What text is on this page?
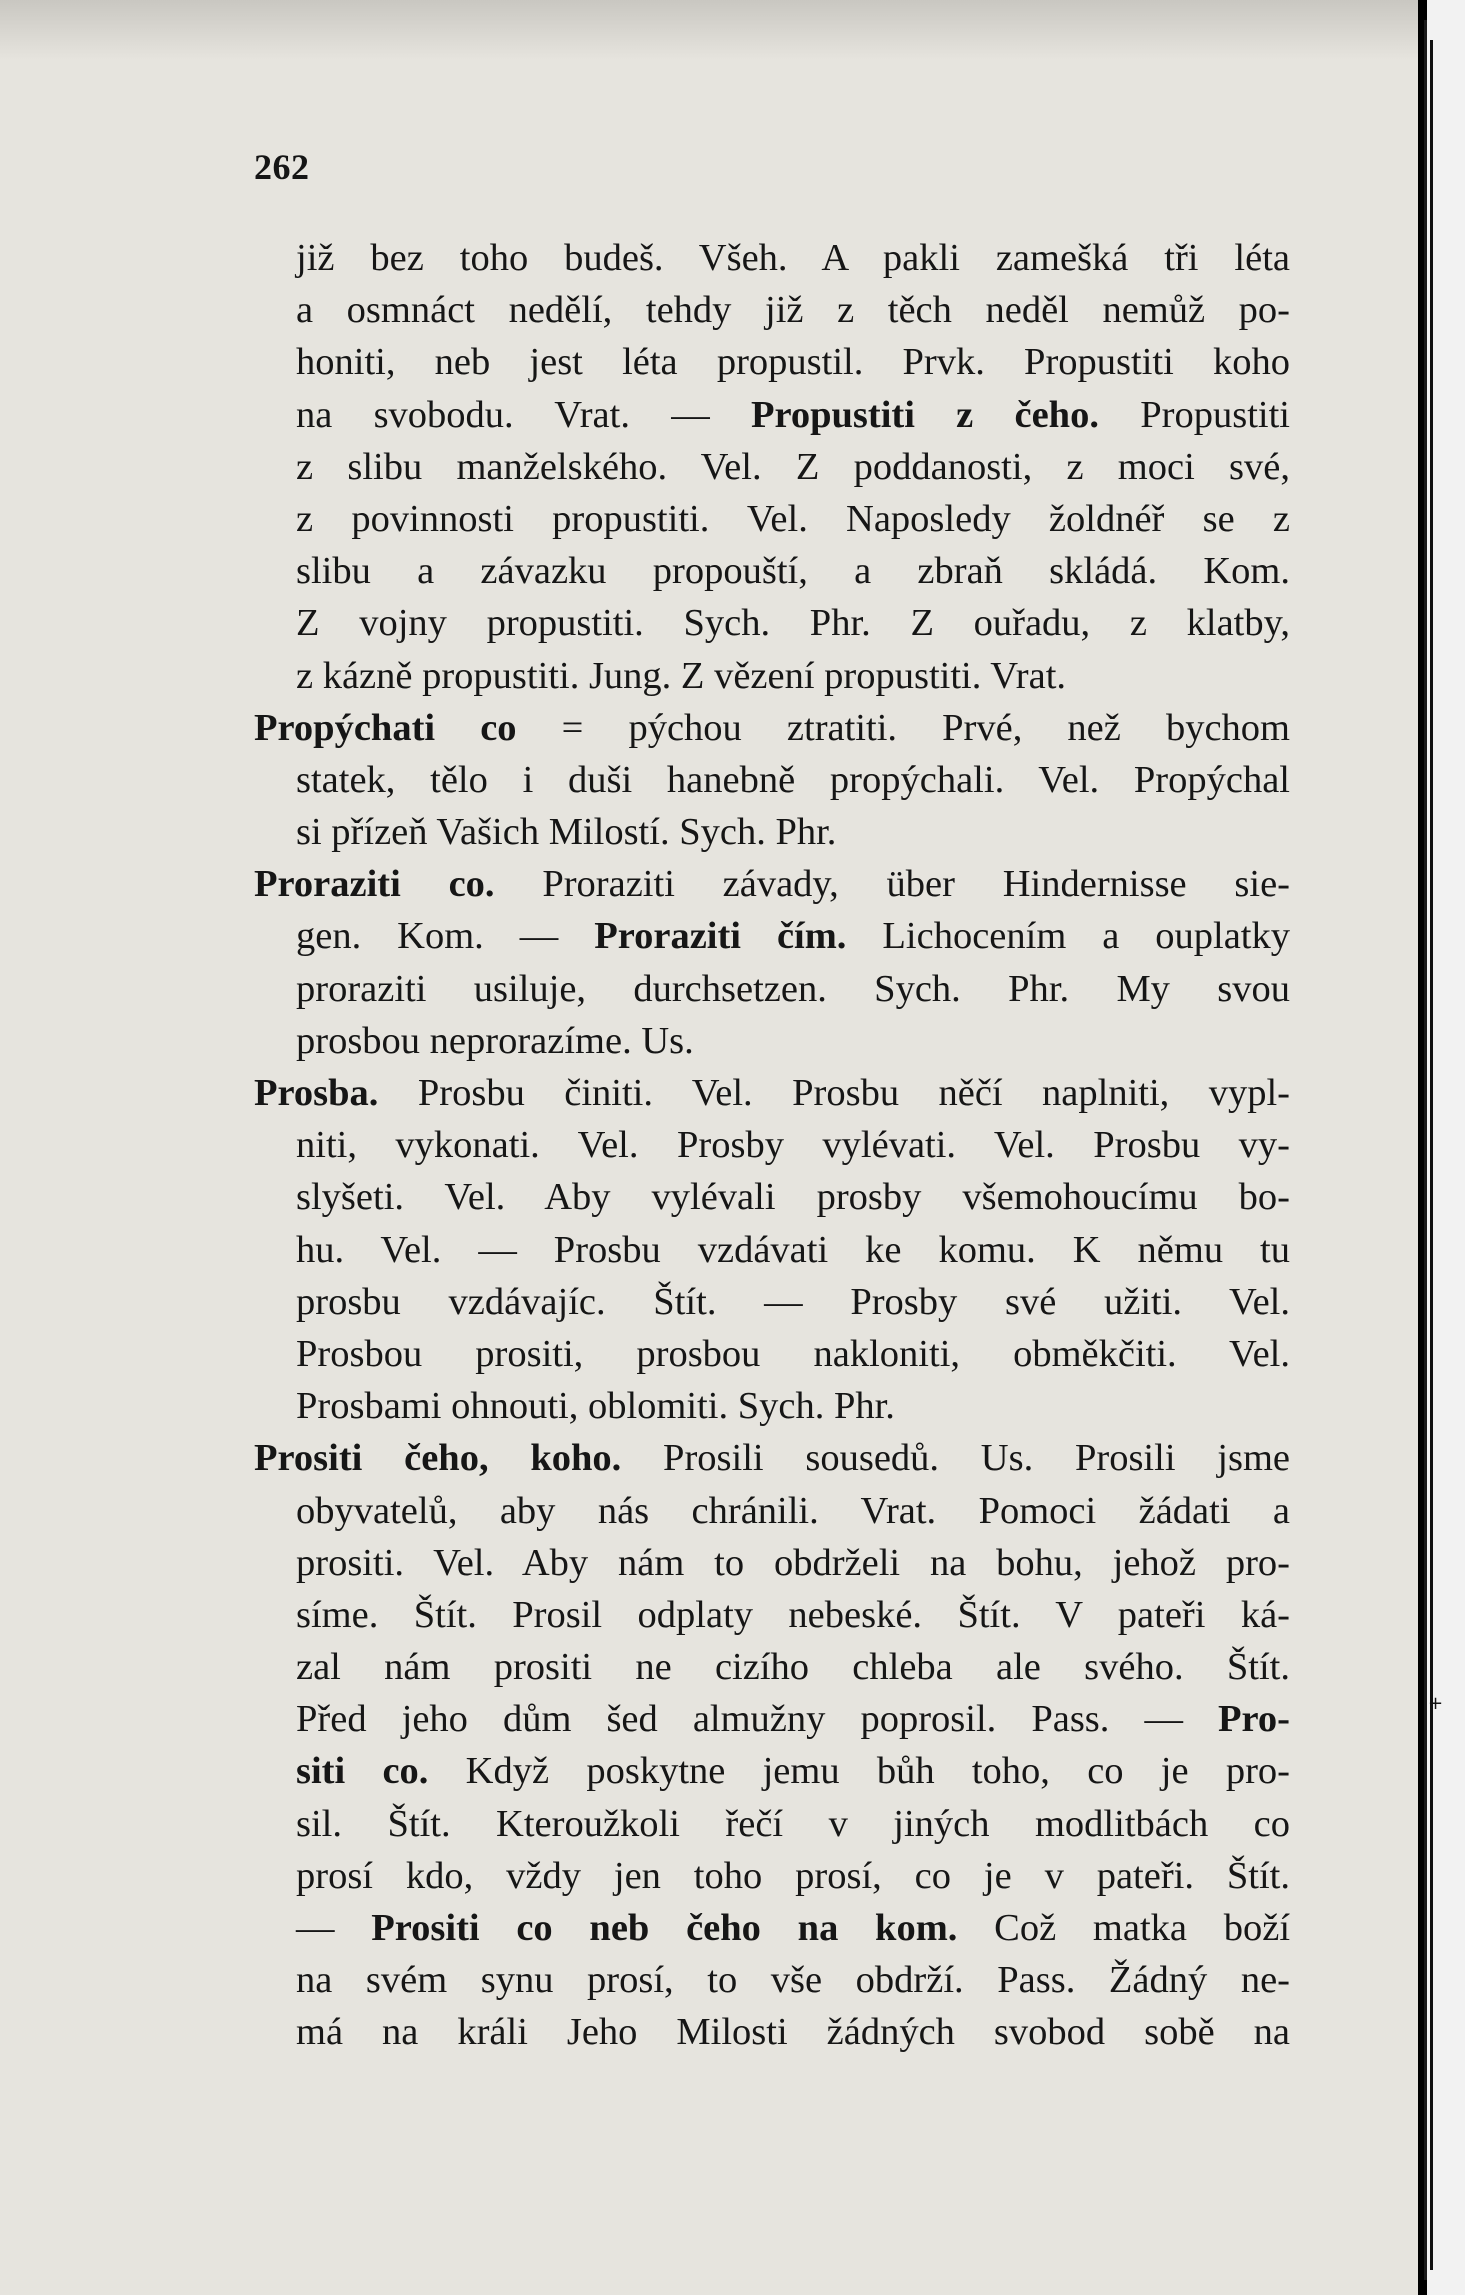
262
již bez toho budeš. Všeh. A pakli zamešká tři léta
a osmnáct nedělí, tehdy již z těch neděl nemůž po-
honiti, neb jest léta propustil. Prvk. Propustiti koho
na svobodu. Vrat. — Propustiti z čeho. Propustiti
z slibu manželského. Vel. Z poddanosti, z moci své,
z povinnosti propustiti. Vel. Naposledy žoldnéř se z
slibu a závazku propouští, a zbraň skládá. Kom.
Z vojny propustiti. Sych. Phr. Z ouřadu, z klatby,
z kázně propustiti. Jung. Z vězení propustiti. Vrat.
Propýchati co = pýchou ztratiti. Prvé, než bychom
statek, tělo i duši hanebně propýchali. Vel. Propýchal
si přízeň Vašich Milostí. Sych. Phr.
Proraziti co. Proraziti závady, über Hindernisse sie-
gen. Kom. — Proraziti čím. Lichocením a ouplatky
proraziti usiluje, durchsetzen. Sych. Phr. My svou
prosbou neprorazíme. Us.
Prosba. Prosbu činiti. Vel. Prosbu něčí naplniti, vypl-
niti, vykonati. Vel. Prosby vylévati. Vel. Prosbu vy-
slyšeti. Vel. Aby vylévali prosby všemohoucímu bo-
hu. Vel. — Prosbu vzdávati ke komu. K němu tu
prosbu vzdávajíc. Štít. — Prosby své užiti. Vel.
Prosbou prositi, prosbou nakloniti, obměkčiti. Vel.
Prosbami ohnouti, oblomiti. Sych. Phr.
Prositi čeho, koho. Prosili sousedů. Us. Prosili jsme
obyvatelů, aby nás chránili. Vrat. Pomoci žádati a
prositi. Vel. Aby nám to obdrželi na bohu, jehož pro-
síme. Štít. Prosil odplaty nebeské. Štít. V pateři ká-
zal nám prositi ne cizího chleba ale svého. Štít.
Před jeho dům šed almužny poprosil. Pass. — Pro-
siti co. Když poskytne jemu bůh toho, co je pro-
sil. Štít. Kteroužkoli řečí v jiných modlitbách co
prosí kdo, vždy jen toho prosí, co je v pateři. Štít.
— Prositi co neb čeho na kom. Což matka boží
na svém synu prosí, to vše obdrží. Pass. Žádný ne-
má na králi Jeho Milosti žádných svobod sobě na
+
